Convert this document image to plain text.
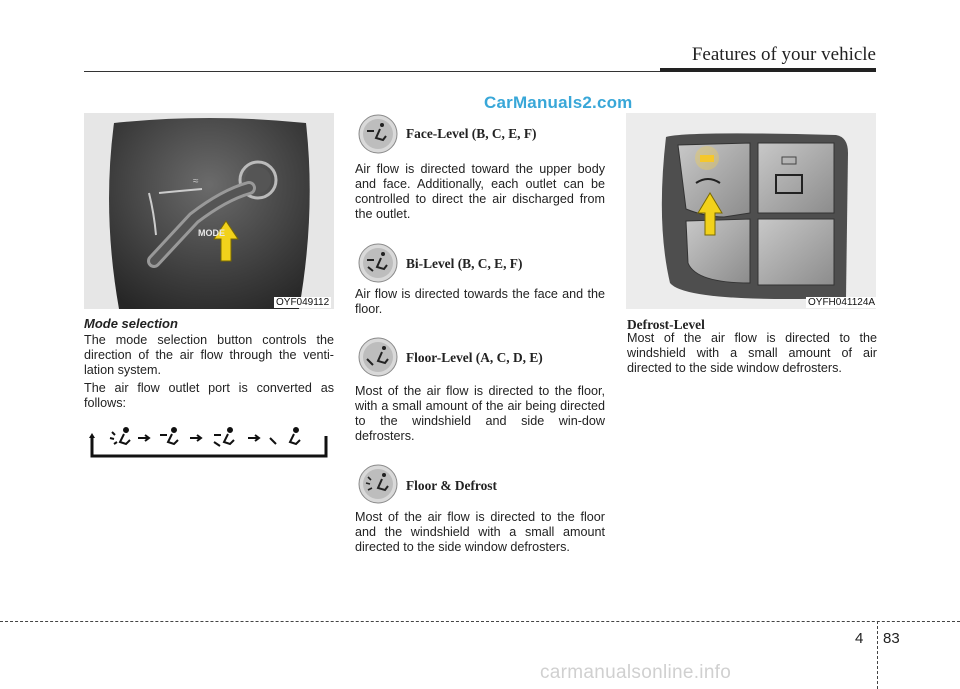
Features of your vehicle
CarManuals2.com
≈
MODE
OYF049112
Mode selection

The mode selection button controls the direction of the air flow through the venti-lation system.

The air flow outlet port is converted as follows:

Face-Level (B, C, E, F)

Air flow is directed toward the upper body and face. Additionally, each outlet can be controlled to direct the air discharged from the outlet.

Bi-Level (B, C, E, F)

Air flow is directed towards the face and the floor.

Floor-Level (A, C, D, E)

Most of the air flow is directed to the floor, with a small amount of the air being directed to the windshield and side win-dow defrosters.

Floor & Defrost

Most of the air flow is directed to the floor and the windshield with a small amount directed to the side window defrosters.

OYFH041124A
Defrost-Level

Most of the air flow is directed to the windshield with a small amount of air directed to the side window defrosters.

4 83
carmanualsonline.info
